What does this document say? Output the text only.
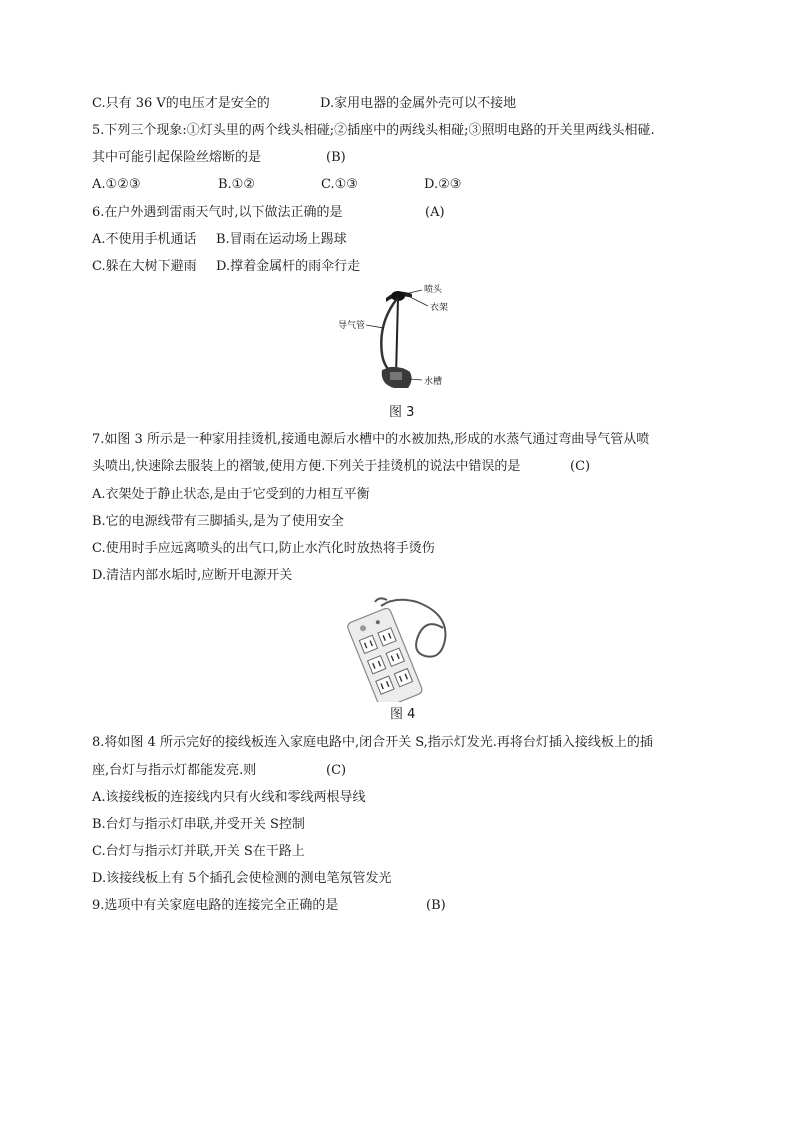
C.只有 36 V的电压才是安全的	D.家用电器的金属外壳可以不接地
5.下列三个现象:①灯头里的两个线头相碰;②插座中的两线头相碰;③照明电路的开关里两线头相碰.
其中可能引起保险丝熔断的是	(B)
A.①②③	B.①②	C.①③	D.②③
6.在户外遇到雷雨天气时,以下做法正确的是	(A)
A.不使用手机通话 B.冒雨在运动场上踢球
C.躲在大树下避雨 D.撑着金属杆的雨伞行走
喷头
衣架
导气管
水槽
图 3
7.如图 3 所示是一种家用挂烫机,接通电源后水槽中的水被加热,形成的水蒸气通过弯曲导气管从喷
头喷出,快速除去服装上的褶皱,使用方便.下列关于挂烫机的说法中错误的是	(C)
A.衣架处于静止状态,是由于它受到的力相互平衡
B.它的电源线带有三脚插头,是为了使用安全
C.使用时手应远离喷头的出气口,防止水汽化时放热将手烫伤
D.清洁内部水垢时,应断开电源开关
图 4
8.将如图 4 所示完好的接线板连入家庭电路中,闭合开关 S,指示灯发光.再将台灯插入接线板上的插
座,台灯与指示灯都能发亮.则	(C)
A.该接线板的连接线内只有火线和零线两根导线
B.台灯与指示灯串联,并受开关 S控制
C.台灯与指示灯并联,开关 S在干路上
D.该接线板上有 5个插孔会使检测的测电笔氖管发光
9.选项中有关家庭电路的连接完全正确的是	(B)
